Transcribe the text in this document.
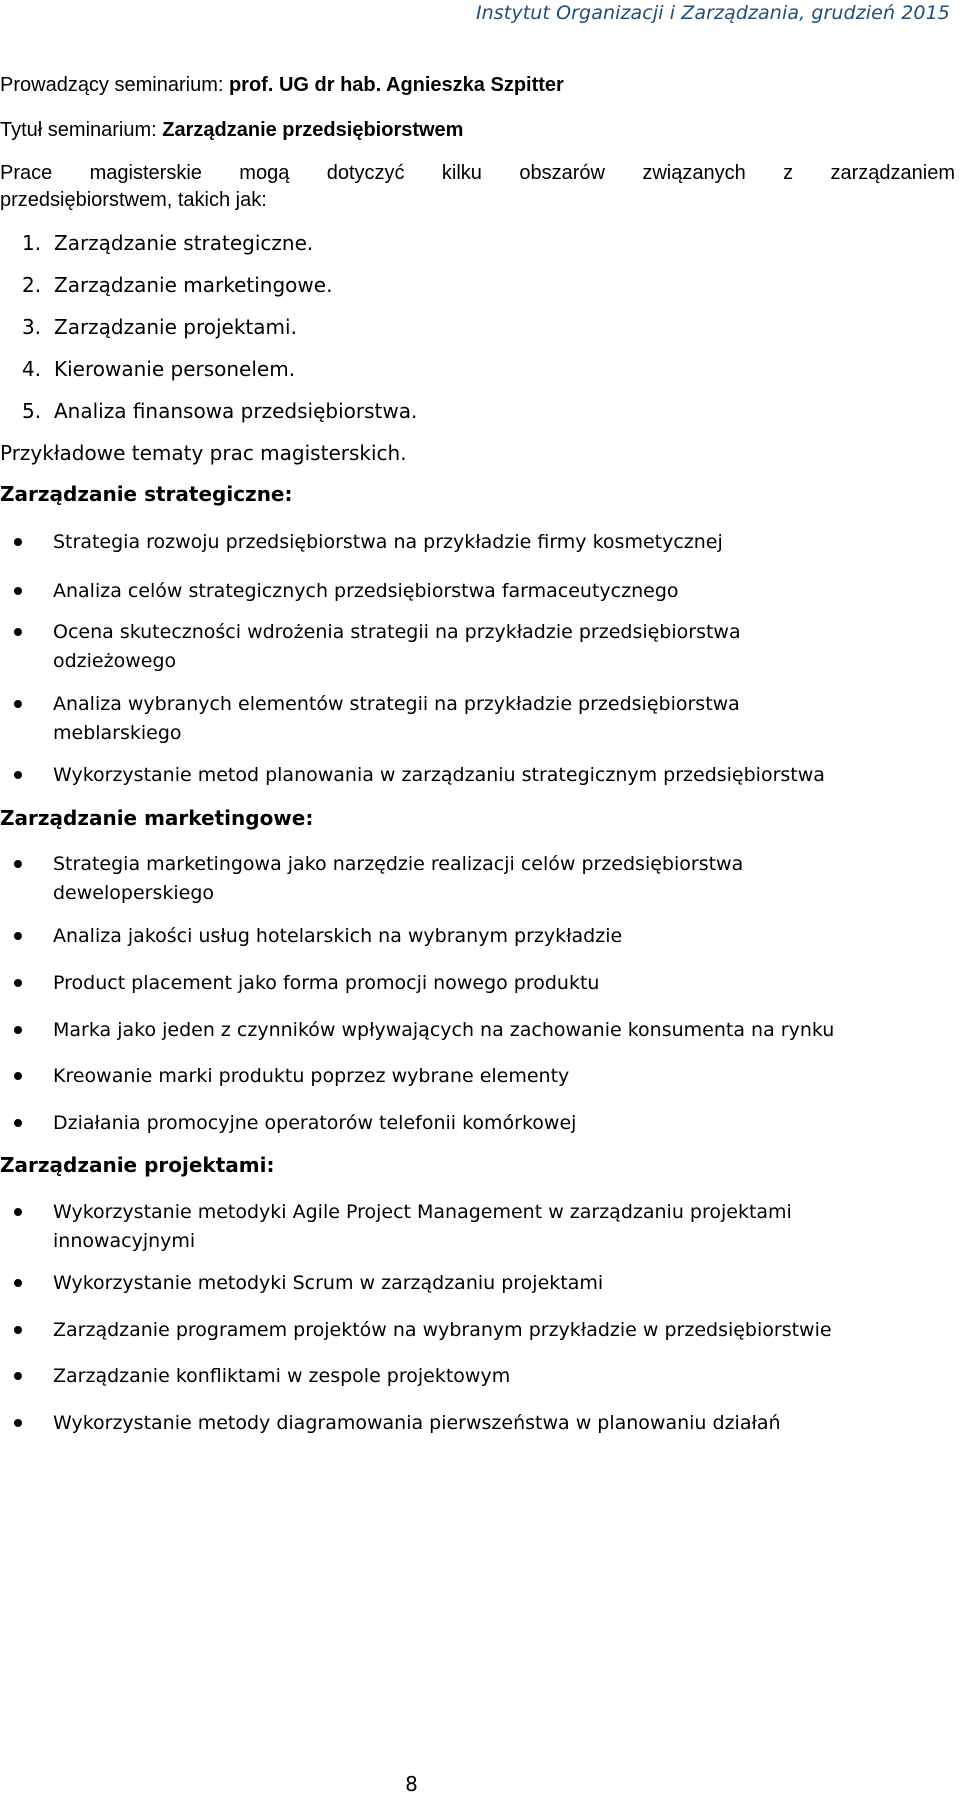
Instytut Organizacji i Zarządzania, grudzień 2015
Prowadzący seminarium: prof. UG dr hab. Agnieszka Szpitter
Tytuł seminarium: Zarządzanie przedsiębiorstwem
Prace magisterskie mogą dotyczyć kilku obszarów związanych z zarządzaniem
przedsiębiorstwem, takich jak:
1. Zarządzanie strategiczne.
2. Zarządzanie marketingowe.
3. Zarządzanie projektami.
4. Kierowanie personelem.
5. Analiza finansowa przedsiębiorstwa.
Przykładowe tematy prac magisterskich.
Zarządzanie strategiczne:
Strategia rozwoju przedsiębiorstwa na przykładzie firmy kosmetycznej
Analiza celów strategicznych przedsiębiorstwa farmaceutycznego
Ocena skuteczności wdrożenia strategii na przykładzie przedsiębiorstwa
odzieżowego
Analiza wybranych elementów strategii na przykładzie przedsiębiorstwa
meblarskiego
Wykorzystanie metod planowania w zarządzaniu strategicznym przedsiębiorstwa
Zarządzanie marketingowe:
Strategia marketingowa jako narzędzie realizacji celów przedsiębiorstwa
deweloperskiego
Analiza jakości usług hotelarskich na wybranym przykładzie
Product placement jako forma promocji nowego produktu
Marka jako jeden z czynników wpływających na zachowanie konsumenta na rynku
Kreowanie marki produktu poprzez wybrane elementy
Działania promocyjne operatorów telefonii komórkowej
Zarządzanie projektami:
Wykorzystanie metodyki Agile Project Management w zarządzaniu projektami
innowacyjnymi
Wykorzystanie metodyki Scrum w zarządzaniu projektami
Zarządzanie programem projektów na wybranym przykładzie w przedsiębiorstwie
Zarządzanie konfliktami w zespole projektowym
Wykorzystanie metody diagramowania pierwszeństwa w planowaniu działań
8
